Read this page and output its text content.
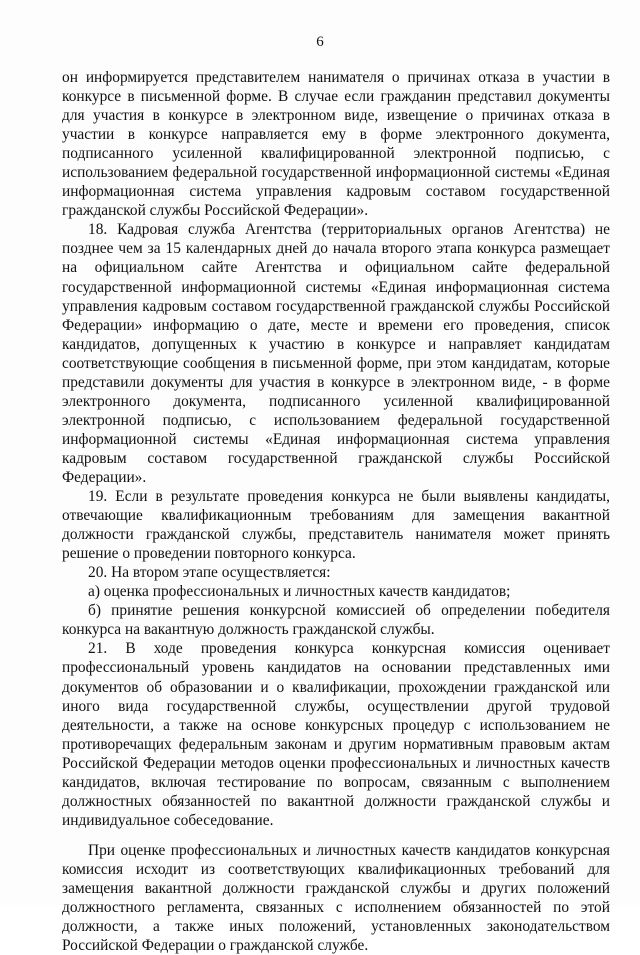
6

он информируется представителем нанимателя о причинах отказа в участии в конкурсе в письменной форме. В случае если гражданин представил документы для участия в конкурсе в электронном виде, извещение о причинах отказа в участии в конкурсе направляется ему в форме электронного документа, подписанного усиленной квалифицированной электронной подписью, с использованием федеральной государственной информационной системы «Единая информационная система управления кадровым составом государственной гражданской службы Российской Федерации».

18. Кадровая служба Агентства (территориальных органов Агентства) не позднее чем за 15 календарных дней до начала второго этапа конкурса размещает на официальном сайте Агентства и официальном сайте федеральной государственной информационной системы «Единая информационная система управления кадровым составом государственной гражданской службы Российской Федерации» информацию о дате, месте и времени его проведения, список кандидатов, допущенных к участию в конкурсе и направляет кандидатам соответствующие сообщения в письменной форме, при этом кандидатам, которые представили документы для участия в конкурсе в электронном виде, - в форме электронного документа, подписанного усиленной квалифицированной электронной подписью, с использованием федеральной государственной информационной системы «Единая информационная система управления кадровым составом государственной гражданской службы Российской Федерации».

19. Если в результате проведения конкурса не были выявлены кандидаты, отвечающие квалификационным требованиям для замещения вакантной должности гражданской службы, представитель нанимателя может принять решение о проведении повторного конкурса.

20. На втором этапе осуществляется:

а) оценка профессиональных и личностных качеств кандидатов;

б) принятие решения конкурсной комиссией об определении победителя конкурса на вакантную должность гражданской службы.

21. В ходе проведения конкурса конкурсная комиссия оценивает профессиональный уровень кандидатов на основании представленных ими документов об образовании и о квалификации, прохождении гражданской или иного вида государственной службы, осуществлении другой трудовой деятельности, а также на основе конкурсных процедур с использованием не противоречащих федеральным законам и другим нормативным правовым актам Российской Федерации методов оценки профессиональных и личностных качеств кандидатов, включая тестирование по вопросам, связанным с выполнением должностных обязанностей по вакантной должности гражданской службы и индивидуальное собеседование.

При оценке профессиональных и личностных качеств кандидатов конкурсная комиссия исходит из соответствующих квалификационных требований для замещения вакантной должности гражданской службы и других положений должностного регламента, связанных с исполнением обязанностей по этой должности, а также иных положений, установленных законодательством Российской Федерации о гражданской службе.
